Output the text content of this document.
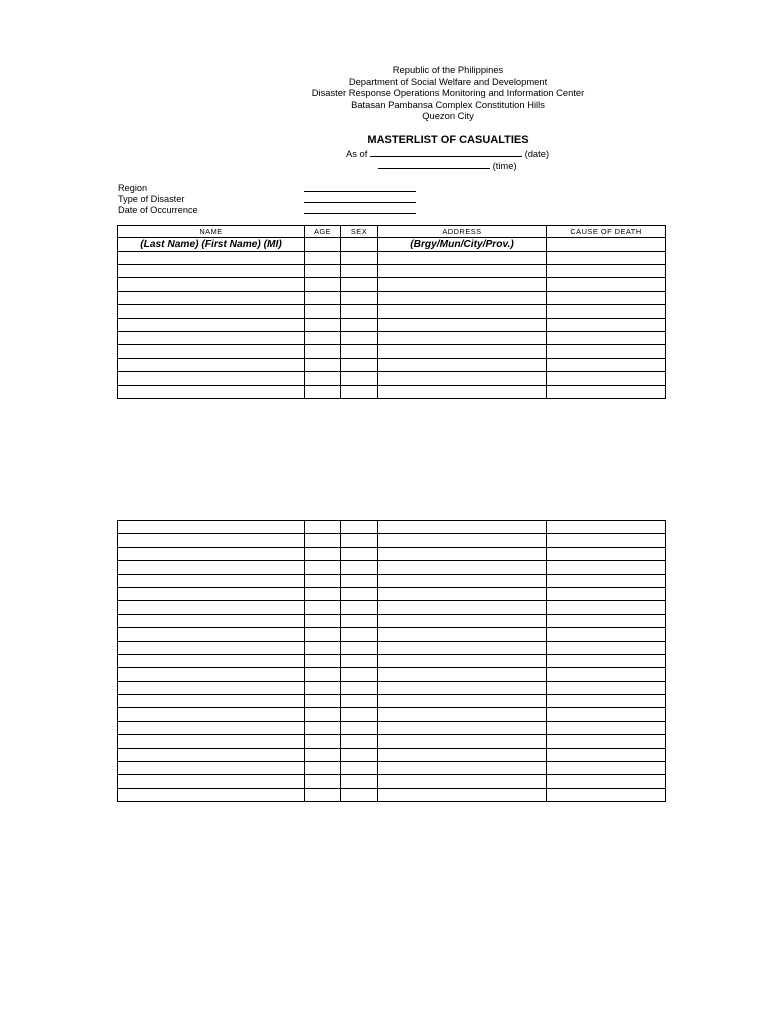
Republic of the Philippines
Department of Social Welfare and Development
Disaster Response Operations Monitoring and Information Center
Batasan Pambansa Complex Constitution Hills
Quezon City
MASTERLIST OF CASUALTIES
As of	(date)
(time)
Region
Type of Disaster
Date of Occurrence
NAME	AGE	SEX	ADDRESS	CAUSE OF DEATH
(Last Name) (First Name) (MI)			(Brgy/Mun/City/Prov.)	
